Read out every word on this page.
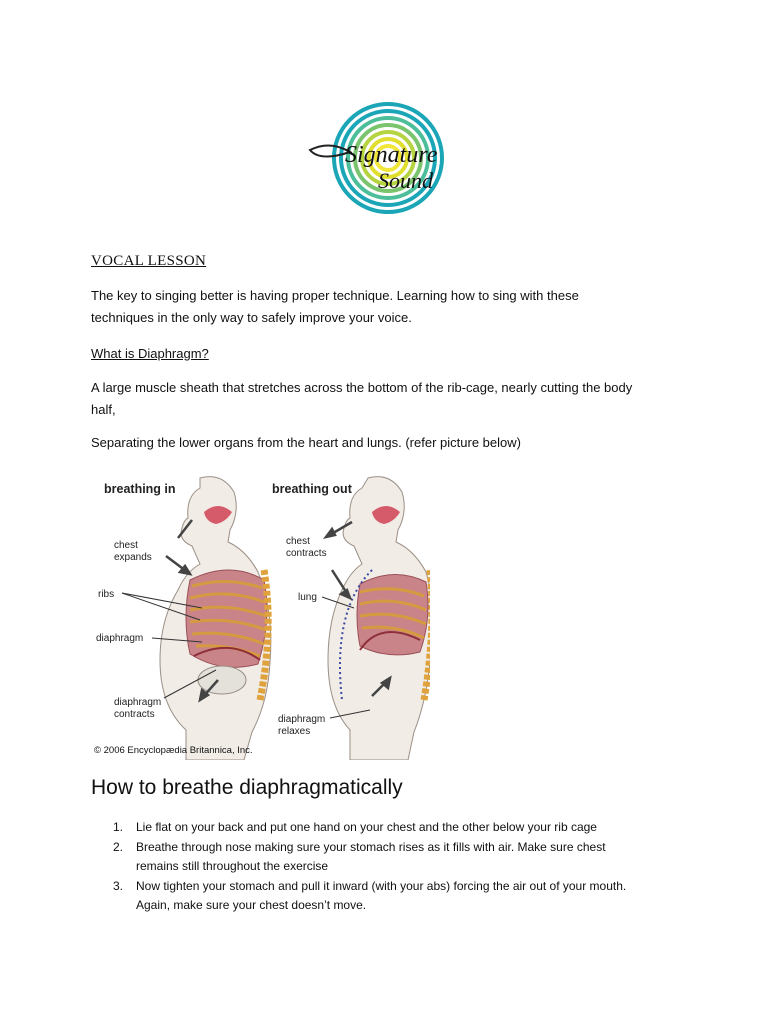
Signature
Sound
VOCAL LESSON
The key to singing better is having proper technique. Learning how to sing with these
techniques in the only way to safely improve your voice.
What is Diaphragm?
A large muscle sheath that stretches across the bottom of the rib-cage, nearly cutting the body
half,
Separating the lower organs from the heart and lungs. (refer picture below)
breathing in	breathing out
chest
expands
ribs
diaphragm
diaphragm
contracts
chest
contracts
lung
diaphragm
relaxes
© 2006 Encyclopædia Britannica, Inc.
How to breathe diaphragmatically
1. Lie flat on your back and put one hand on your chest and the other below your rib cage
2. Breathe through nose making sure your stomach rises as it fills with air. Make sure chest
remains still throughout the exercise
3. Now tighten your stomach and pull it inward (with your abs) forcing the air out of your mouth.
Again, make sure your chest doesn’t move.
